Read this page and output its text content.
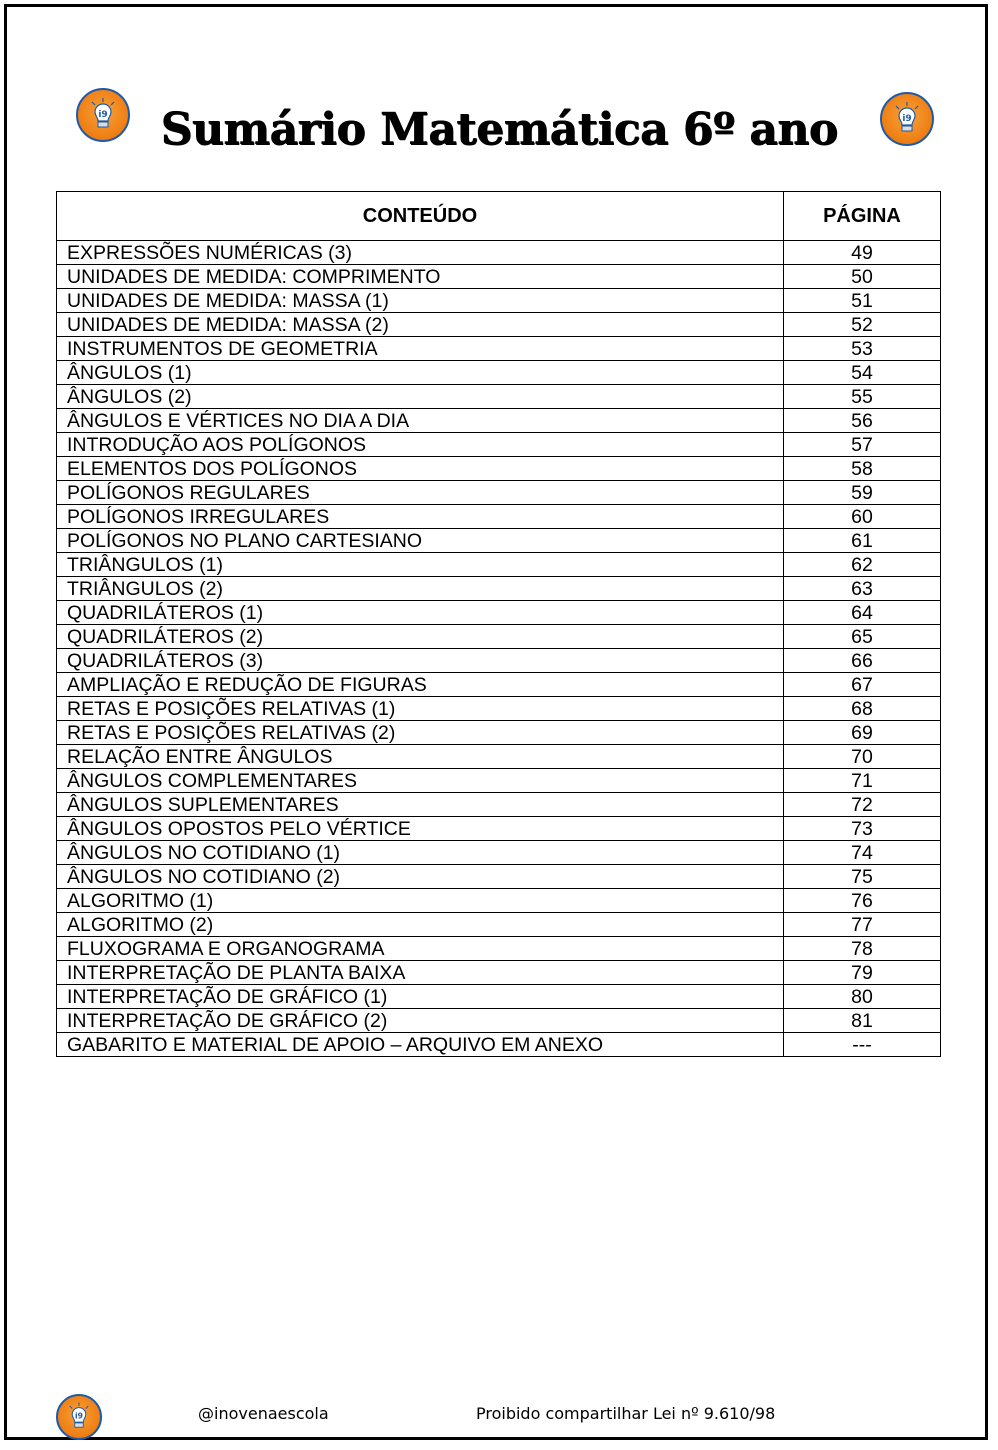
i9	i9
i9
Sumário Matemática 6º ano
CONTEÚDO	PÁGINA
EXPRESSÕES NUMÉRICAS (3)	49
UNIDADES DE MEDIDA: COMPRIMENTO	50
UNIDADES DE MEDIDA: MASSA (1)	51
UNIDADES DE MEDIDA: MASSA (2)	52
INSTRUMENTOS DE GEOMETRIA	53
ÂNGULOS (1)	54
ÂNGULOS (2)	55
ÂNGULOS E VÉRTICES NO DIA A DIA	56
INTRODUÇÃO AOS POLÍGONOS	57
ELEMENTOS DOS POLÍGONOS	58
POLÍGONOS REGULARES	59
POLÍGONOS IRREGULARES	60
POLÍGONOS NO PLANO CARTESIANO	61
TRIÂNGULOS (1)	62
TRIÂNGULOS (2)	63
QUADRILÁTEROS (1)	64
QUADRILÁTEROS (2)	65
QUADRILÁTEROS (3)	66
AMPLIAÇÃO E REDUÇÃO DE FIGURAS	67
RETAS E POSIÇÕES RELATIVAS (1)	68
RETAS E POSIÇÕES RELATIVAS (2)	69
RELAÇÃO ENTRE ÂNGULOS	70
ÂNGULOS COMPLEMENTARES	71
ÂNGULOS SUPLEMENTARES	72
ÂNGULOS OPOSTOS PELO VÉRTICE	73
ÂNGULOS NO COTIDIANO (1)	74
ÂNGULOS NO COTIDIANO (2)	75
ALGORITMO (1)	76
ALGORITMO (2)	77
FLUXOGRAMA E ORGANOGRAMA	78
INTERPRETAÇÃO DE PLANTA BAIXA	79
INTERPRETAÇÃO DE GRÁFICO (1)	80
INTERPRETAÇÃO DE GRÁFICO (2)	81
GABARITO E MATERIAL DE APOIO – ARQUIVO EM ANEXO	---
@inovenaescola	Proibido compartilhar Lei nº 9.610/98
